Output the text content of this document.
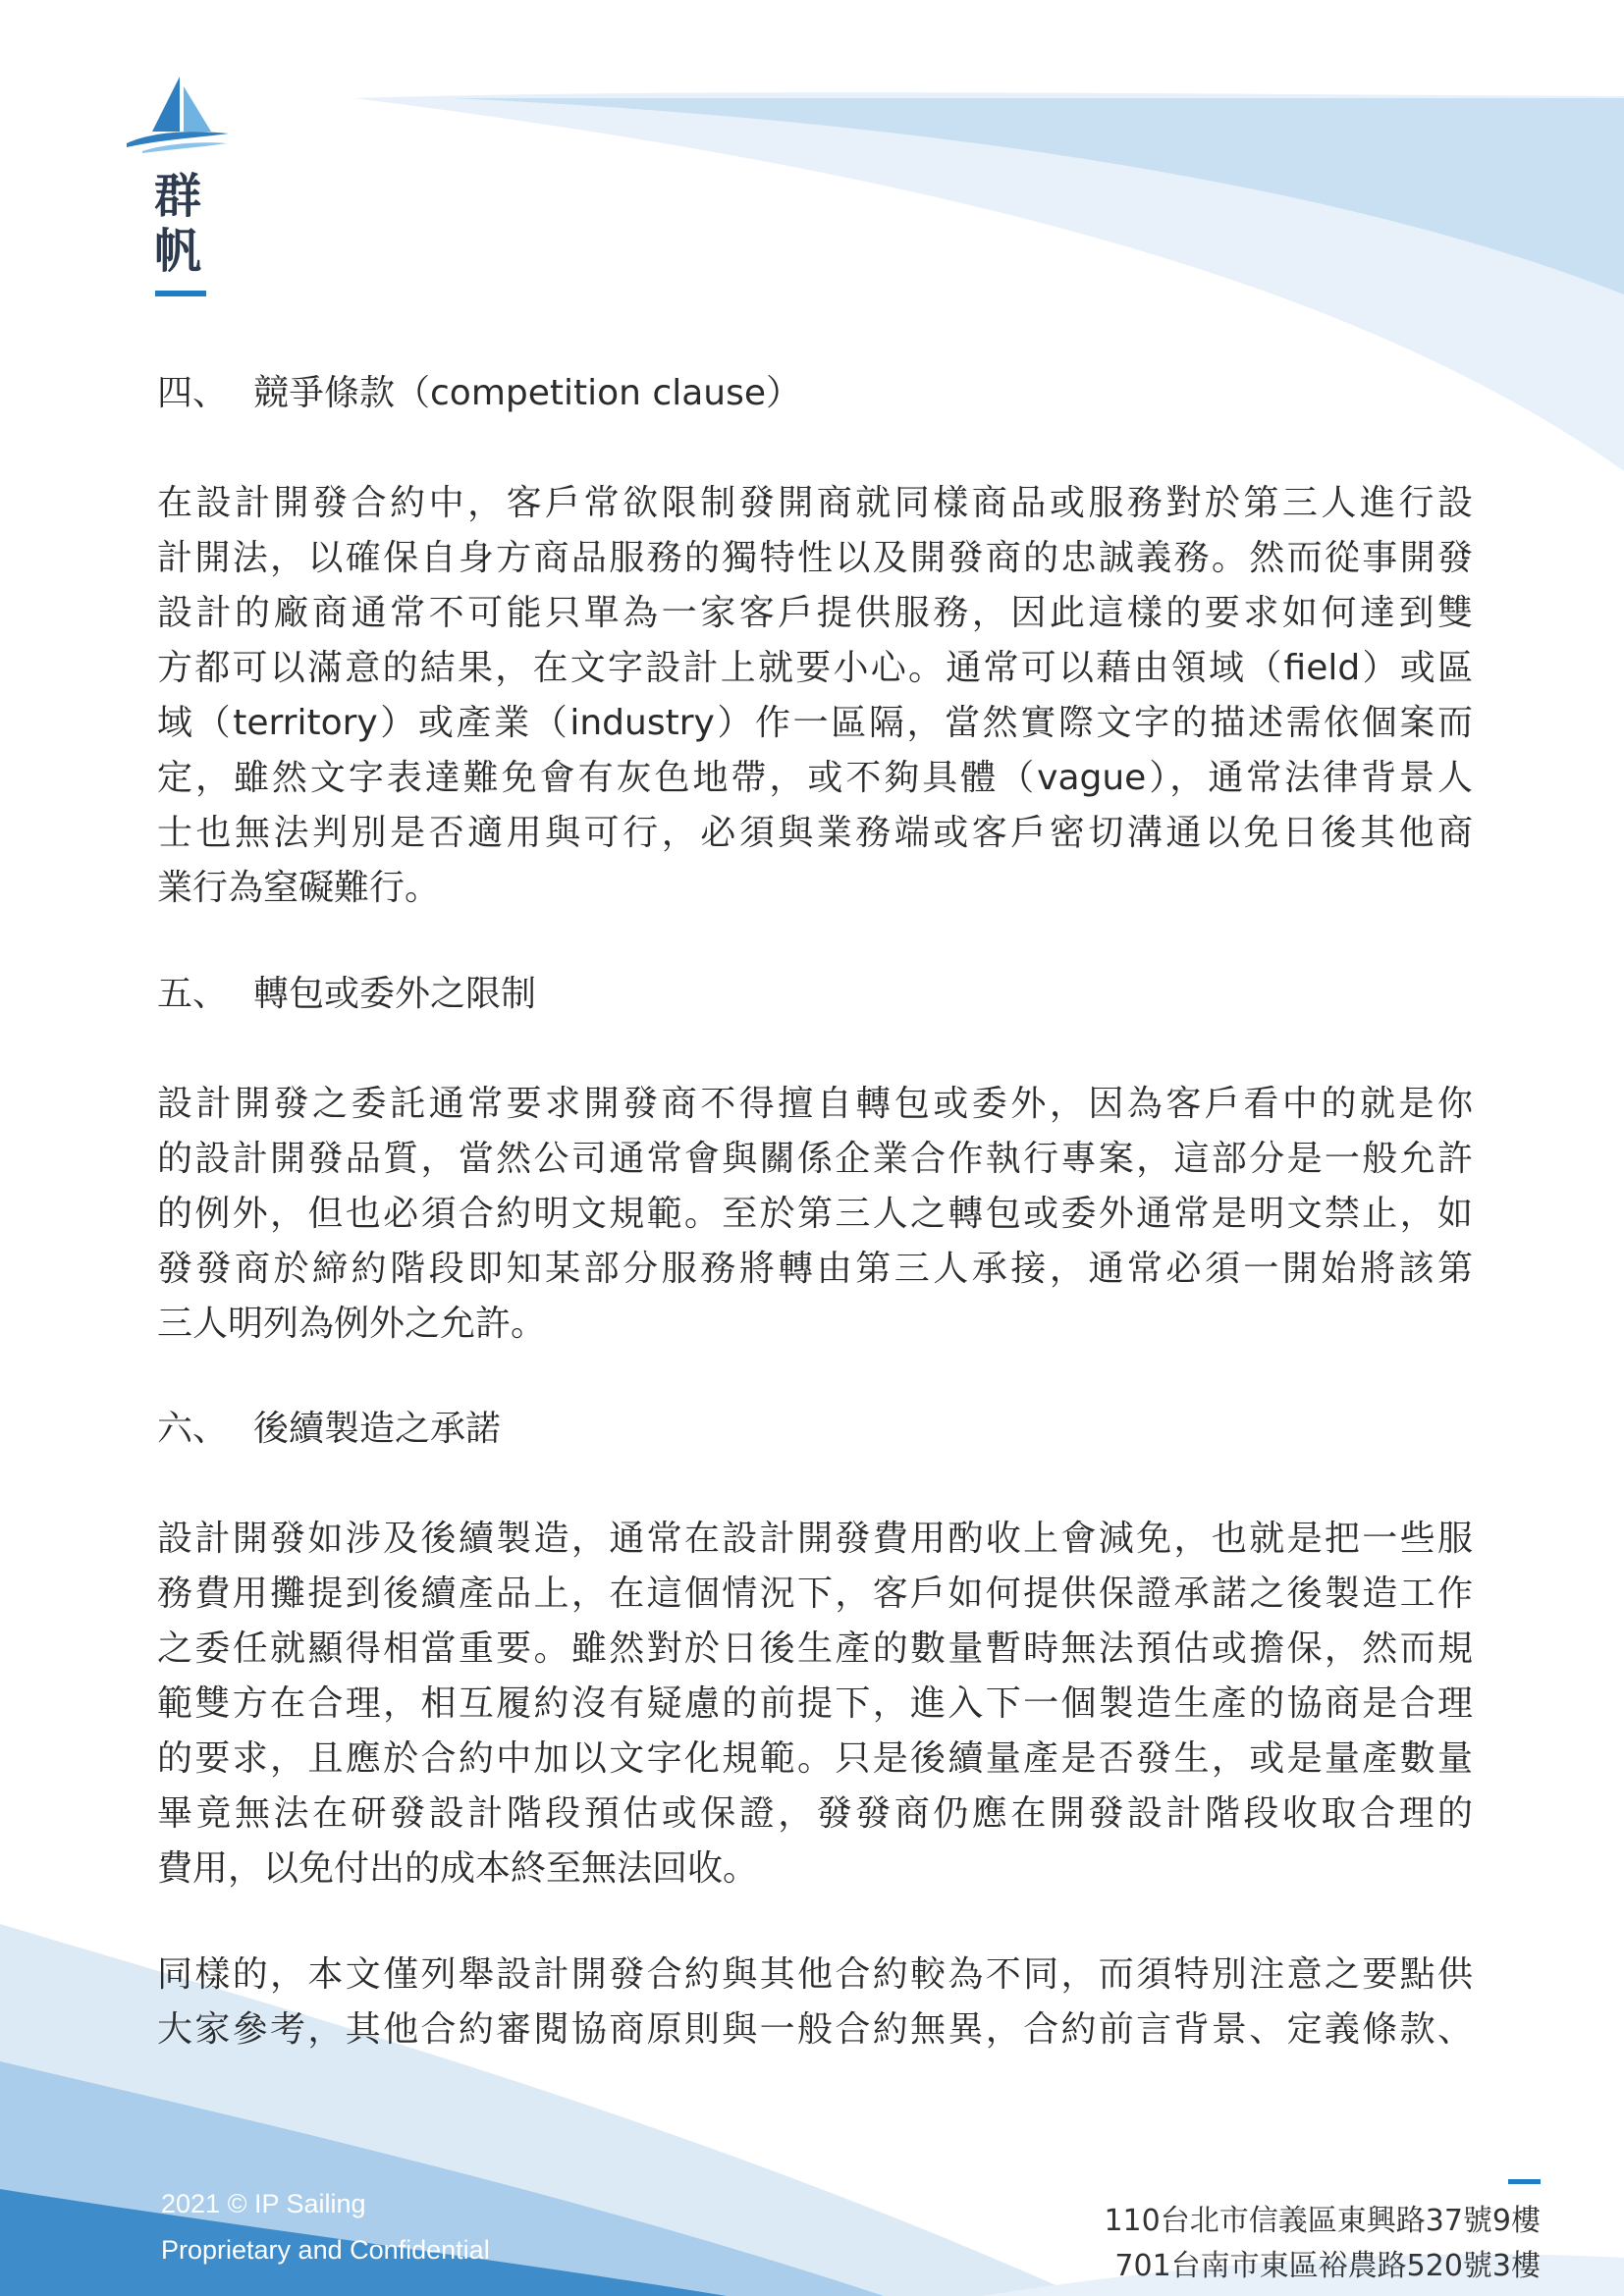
群
帆
四、 競爭條款（competition clause）
在設計開發合約中，客戶常欲限制發開商就同樣商品或服務對於第三人進行設
計開法，以確保自身方商品服務的獨特性以及開發商的忠誠義務。然而從事開發
設計的廠商通常不可能只單為一家客戶提供服務，因此這樣的要求如何達到雙
方都可以滿意的結果，在文字設計上就要小心。通常可以藉由領域（field）或區
域（territory）或產業（industry）作一區隔，當然實際文字的描述需依個案而
定，雖然文字表達難免會有灰色地帶，或不夠具體（vague），通常法律背景人
士也無法判別是否適用與可行，必須與業務端或客戶密切溝通以免日後其他商
業行為窒礙難行。
五、 轉包或委外之限制
設計開發之委託通常要求開發商不得擅自轉包或委外，因為客戶看中的就是你
的設計開發品質，當然公司通常會與關係企業合作執行專案，這部分是一般允許
的例外，但也必須合約明文規範。至於第三人之轉包或委外通常是明文禁止，如
發發商於締約階段即知某部分服務將轉由第三人承接，通常必須一開始將該第
三人明列為例外之允許。
六、 後續製造之承諾
設計開發如涉及後續製造，通常在設計開發費用酌收上會減免，也就是把一些服
務費用攤提到後續產品上，在這個情況下，客戶如何提供保證承諾之後製造工作
之委任就顯得相當重要。雖然對於日後生產的數量暫時無法預估或擔保，然而規
範雙方在合理，相互履約沒有疑慮的前提下，進入下一個製造生產的協商是合理
的要求，且應於合約中加以文字化規範。只是後續量產是否發生，或是量產數量
畢竟無法在研發設計階段預估或保證，發發商仍應在開發設計階段收取合理的
費用，以免付出的成本終至無法回收。
同樣的，本文僅列舉設計開發合約與其他合約較為不同，而須特別注意之要點供
大家參考，其他合約審閱協商原則與一般合約無異，合約前言背景、定義條款、
2021 © IP Sailing
Proprietary and Confidential
110台北市信義區東興路37號9樓
701台南市東區裕農路520號3樓
